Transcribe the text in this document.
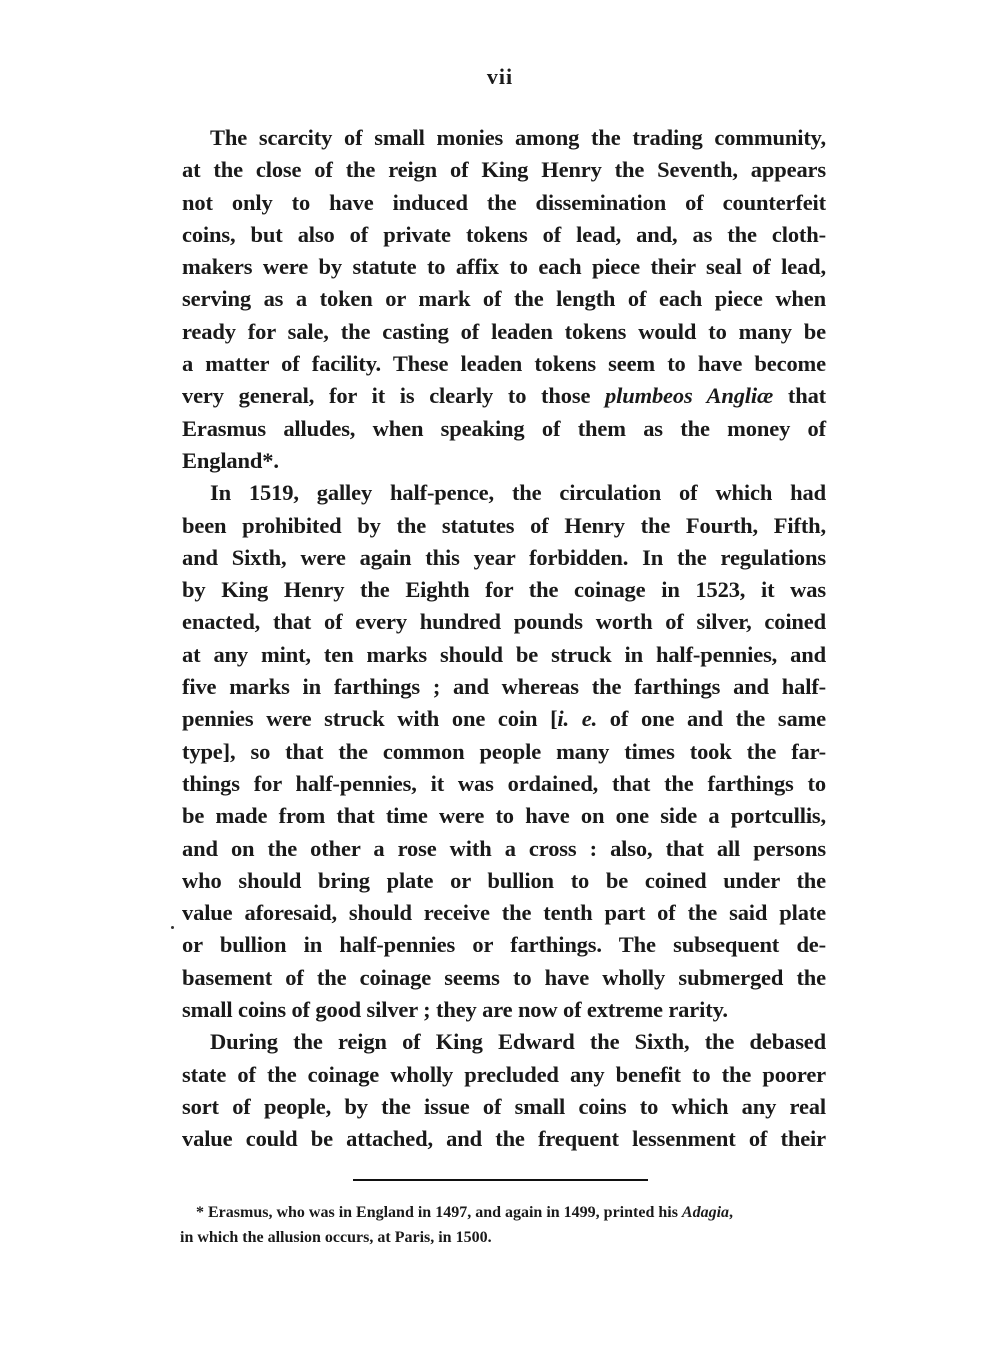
vii
The scarcity of small monies among the trading community,
at the close of the reign of King Henry the Seventh, appears
not only to have induced the dissemination of counterfeit
coins, but also of private tokens of lead, and, as the cloth-
makers were by statute to affix to each piece their seal of lead,
serving as a token or mark of the length of each piece when
ready for sale, the casting of leaden tokens would to many be
a matter of facility. These leaden tokens seem to have become
very general, for it is clearly to those plumbeos Angliæ that
Erasmus alludes, when speaking of them as the money of
England*.
In 1519, galley half-pence, the circulation of which had
been prohibited by the statutes of Henry the Fourth, Fifth,
and Sixth, were again this year forbidden. In the regulations
by King Henry the Eighth for the coinage in 1523, it was
enacted, that of every hundred pounds worth of silver, coined
at any mint, ten marks should be struck in half-pennies, and
five marks in farthings ; and whereas the farthings and half-
pennies were struck with one coin [i. e. of one and the same
type], so that the common people many times took the far-
things for half-pennies, it was ordained, that the farthings to
be made from that time were to have on one side a portcullis,
and on the other a rose with a cross : also, that all persons
who should bring plate or bullion to be coined under the
value aforesaid, should receive the tenth part of the said plate
or bullion in half-pennies or farthings. The subsequent de-
basement of the coinage seems to have wholly submerged the
small coins of good silver ; they are now of extreme rarity.
During the reign of King Edward the Sixth, the debased
state of the coinage wholly precluded any benefit to the poorer
sort of people, by the issue of small coins to which any real
value could be attached, and the frequent lessenment of their
* Erasmus, who was in England in 1497, and again in 1499, printed his Adagia,
in which the allusion occurs, at Paris, in 1500.
